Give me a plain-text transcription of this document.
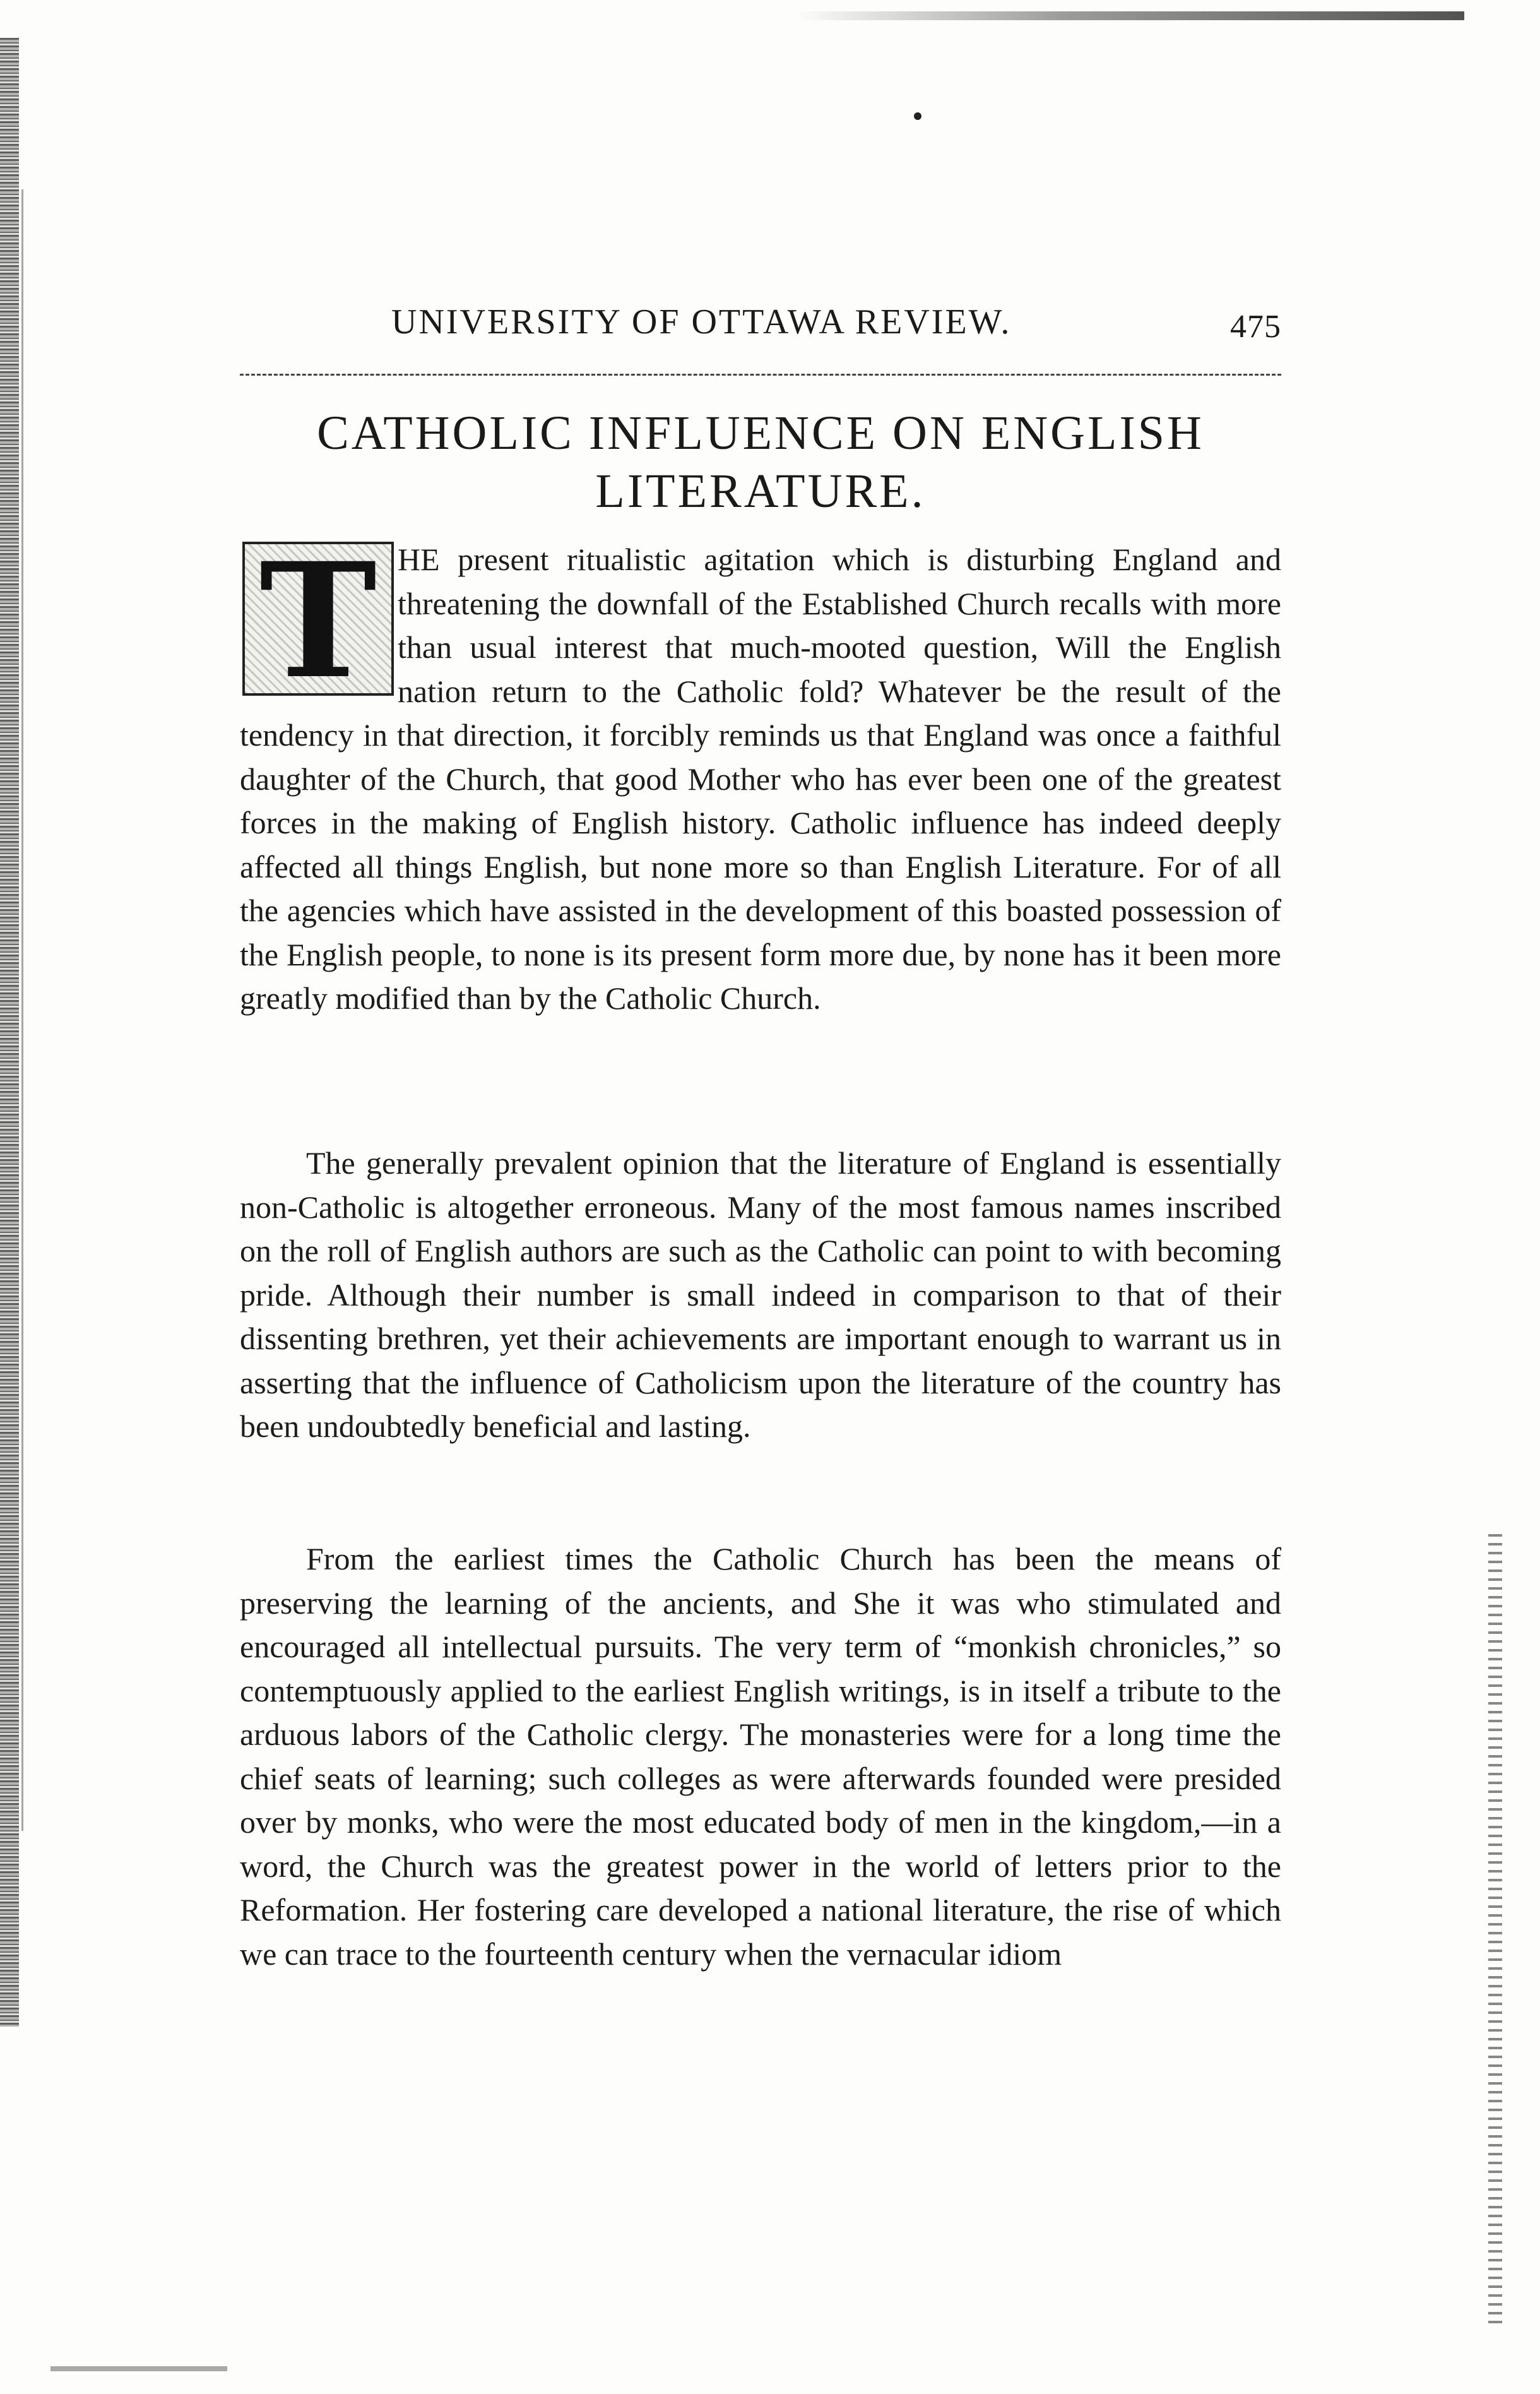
UNIVERSITY OF OTTAWA REVIEW.	475
CATHOLIC INFLUENCE ON ENGLISH LITERATURE.

HE present ritualistic agitation which is disturbing England and threatening the downfall of the Established Church recalls with more than usual interest that much-mooted question, Will the English nation return to the Catholic fold? Whatever be the result of the tendency in that direction, it forcibly reminds us that England was once a faithful daughter of the Church, that good Mother who has ever been one of the greatest forces in the making of English history. Catholic influence has indeed deeply affected all things English, but none more so than English Literature. For of all the agencies which have assisted in the development of this boasted possession of the English people, to none is its present form more due, by none has it been more greatly modified than by the Catholic Church.

T

The generally prevalent opinion that the literature of England is essentially non-Catholic is altogether erroneous. Many of the most famous names inscribed on the roll of English authors are such as the Catholic can point to with becoming pride. Although their number is small indeed in comparison to that of their dissenting brethren, yet their achievements are important enough to warrant us in asserting that the influence of Catholicism upon the literature of the country has been undoubtedly beneficial and lasting.

From the earliest times the Catholic Church has been the means of preserving the learning of the ancients, and She it was who stimulated and encouraged all intellectual pursuits. The very term of “monkish chronicles,” so contemptuously applied to the earliest English writings, is in itself a tribute to the arduous labors of the Catholic clergy. The monasteries were for a long time the chief seats of learning; such colleges as were afterwards founded were presided over by monks, who were the most educated body of men in the kingdom,—in a word, the Church was the greatest power in the world of letters prior to the Reformation. Her fostering care developed a national literature, the rise of which we can trace to the fourteenth century when the vernacular idiom
